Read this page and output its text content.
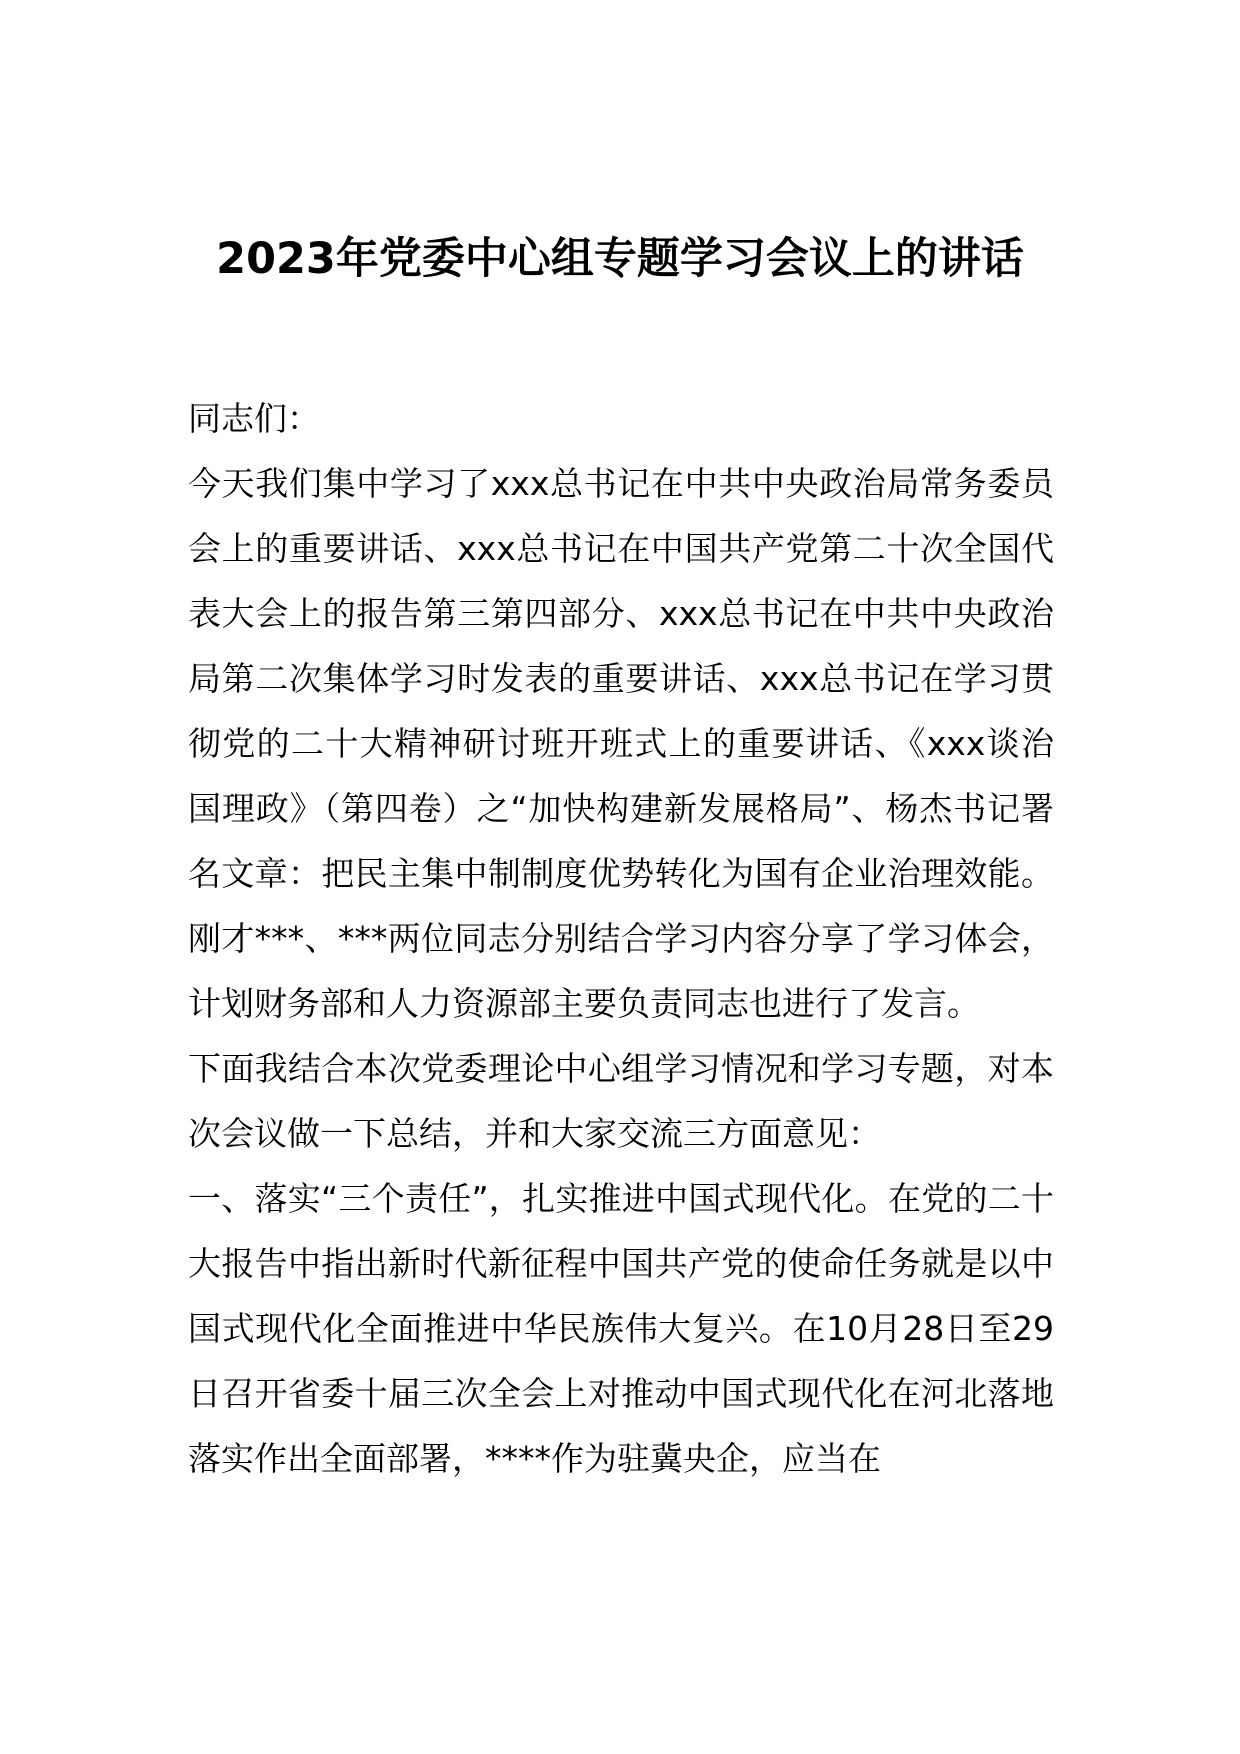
2023年党委中心组专题学习会议上的讲话

同志们：

今天我们集中学习了xxx总书记在中共中央政治局常务委员会上的重要讲话、xxx总书记在中国共产党第二十次全国代表大会上的报告第三第四部分、xxx总书记在中共中央政治局第二次集体学习时发表的重要讲话、xxx总书记在学习贯彻党的二十大精神研讨班开班式上的重要讲话、《xxx谈治国理政》（第四卷）之“加快构建新发展格局”、杨杰书记署名文章：把民主集中制制度优势转化为国有企业治理效能。刚才***、***两位同志分别结合学习内容分享了学习体会，计划财务部和人力资源部主要负责同志也进行了发言。

下面我结合本次党委理论中心组学习情况和学习专题，对本次会议做一下总结，并和大家交流三方面意见：

一、落实“三个责任”，扎实推进中国式现代化。在党的二十大报告中指出新时代新征程中国共产党的使命任务就是以中国式现代化全面推进中华民族伟大复兴。在10月28日至29日召开省委十届三次全会上对推动中国式现代化在河北落地落实作出全面部署，****作为驻冀央企，应当在
